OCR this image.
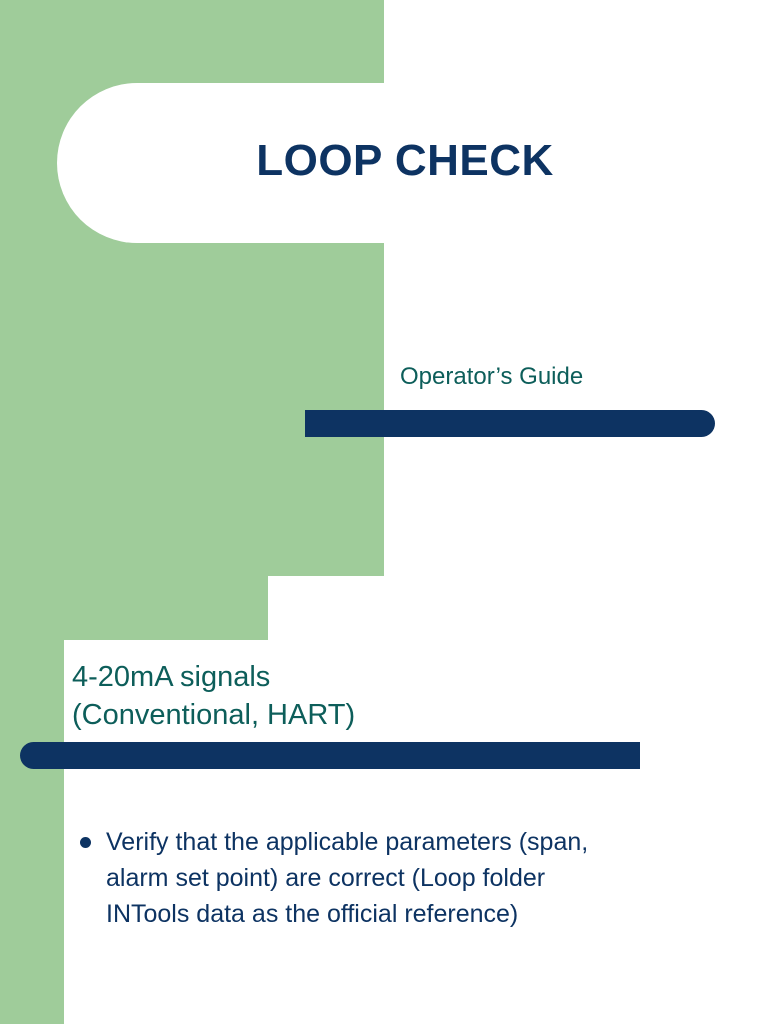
LOOP CHECK

Operator’s Guide

4-20mA signals
(Conventional, HART)
Verify that the applicable parameters (span,
alarm set point) are correct (Loop folder
INTools data as the official reference)
